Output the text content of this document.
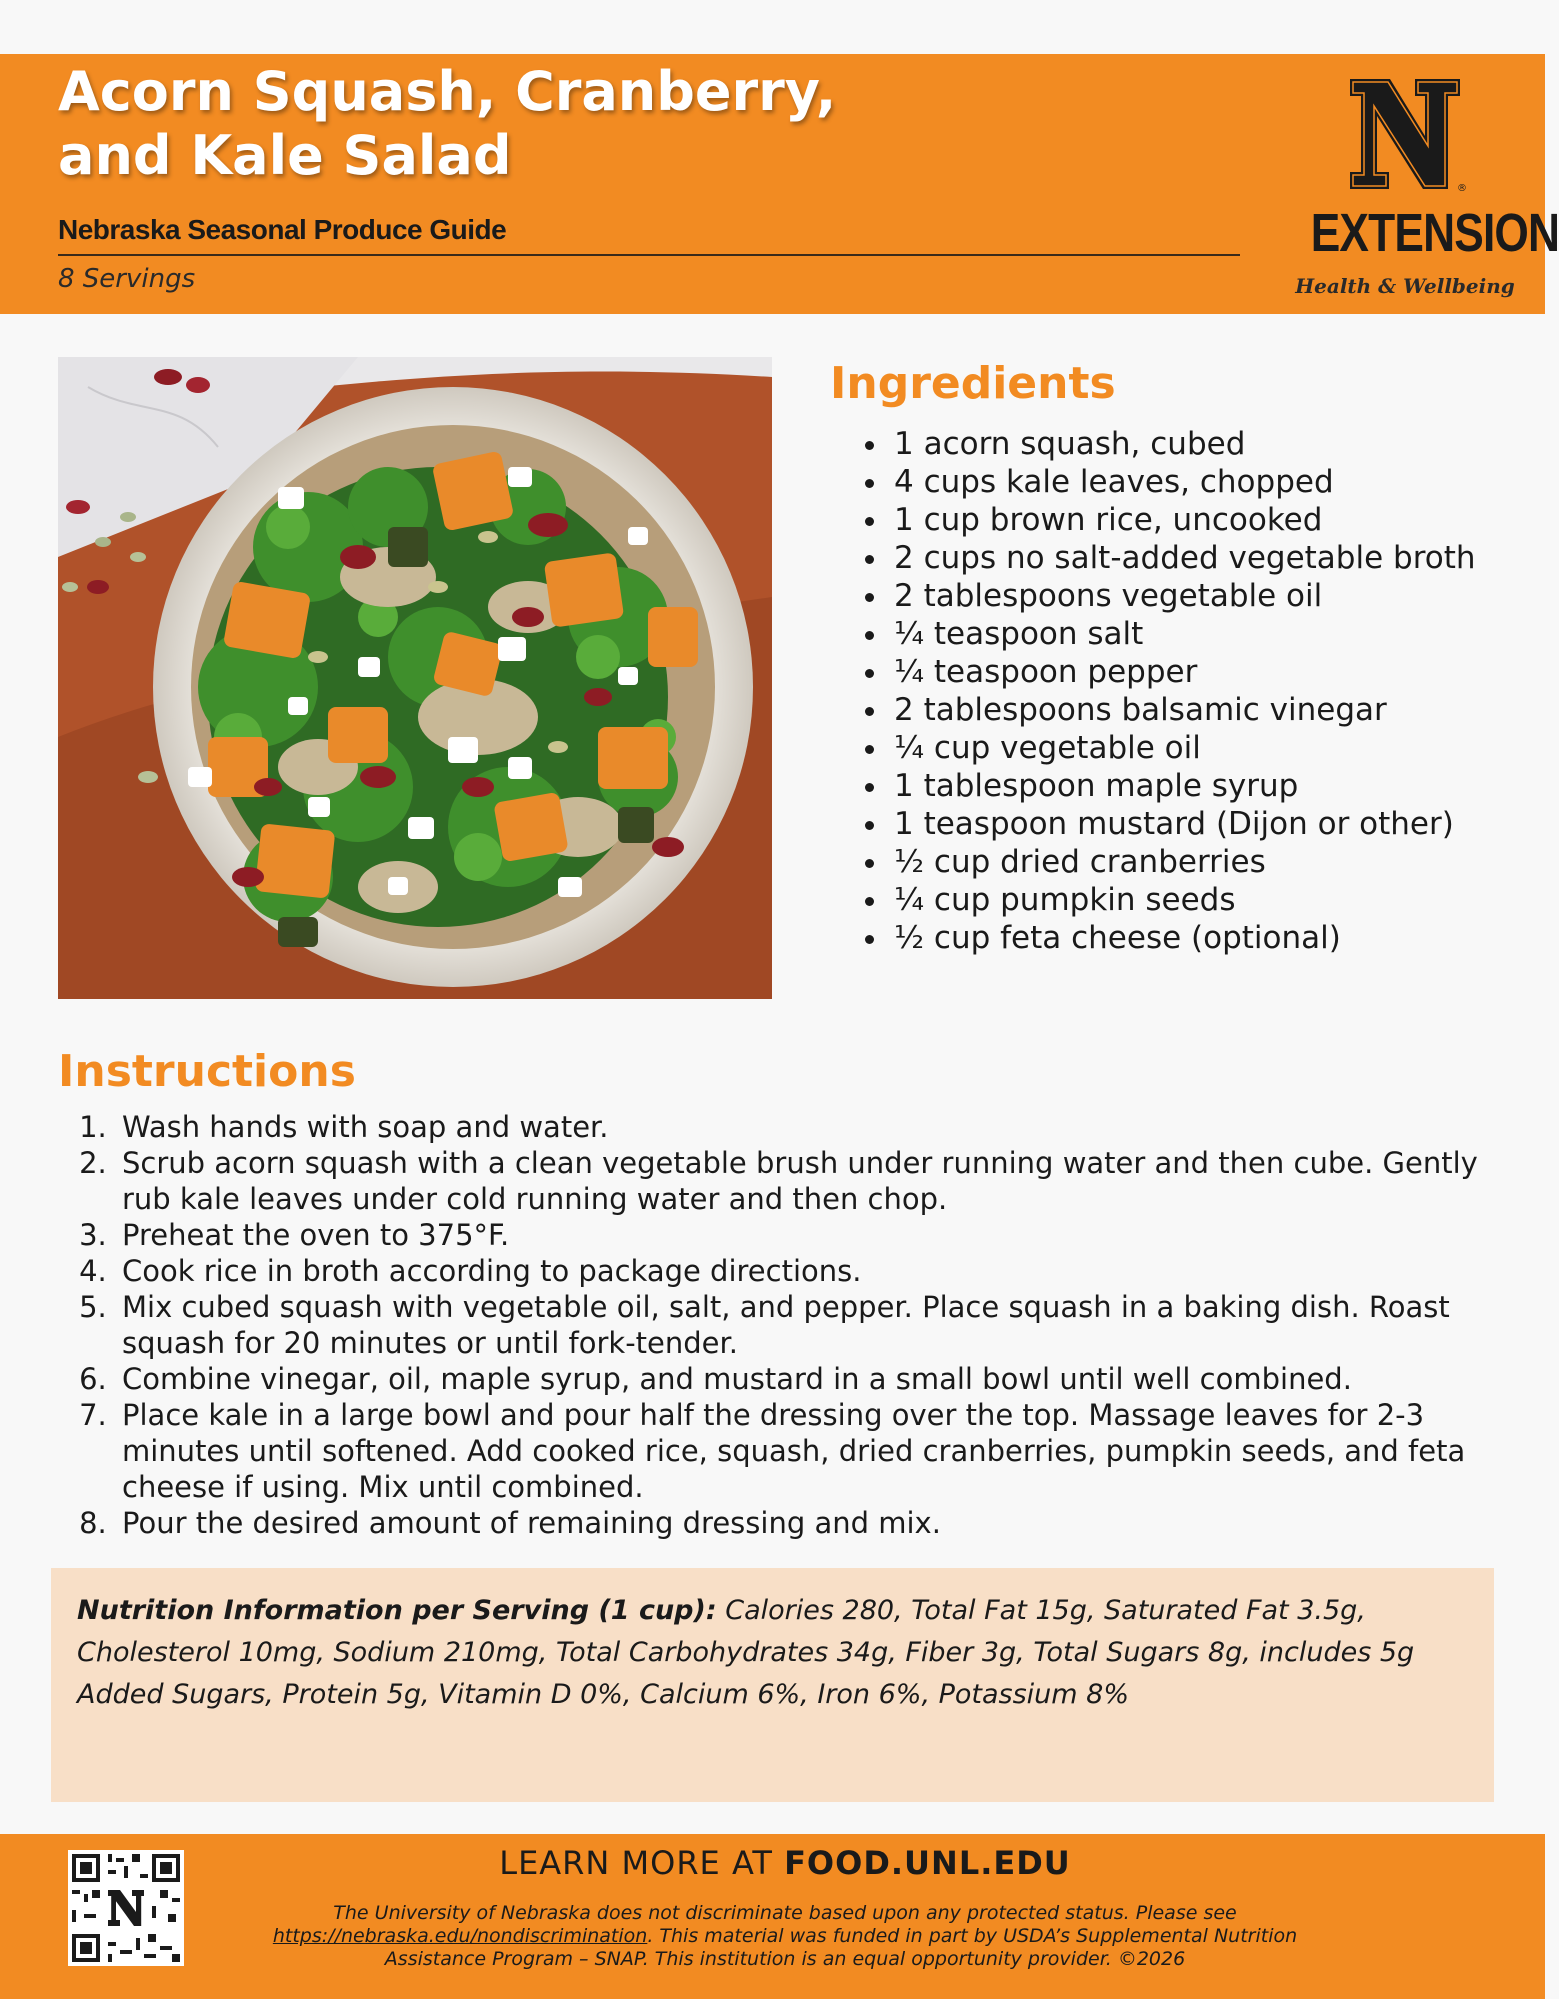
Acorn Squash, Cranberry,
and Kale Salad
Nebraska Seasonal Produce Guide
8 Servings
®
EXTENSION
Health & Wellbeing
Ingredients
• 1 acorn squash, cubed
• 4 cups kale leaves, chopped
• 1 cup brown rice, uncooked
• 2 cups no salt-added vegetable broth
• 2 tablespoons vegetable oil
• ¼ teaspoon salt
• ¼ teaspoon pepper
• 2 tablespoons balsamic vinegar
• ¼ cup vegetable oil
• 1 tablespoon maple syrup
• 1 teaspoon mustard (Dijon or other)
• ½ cup dried cranberries
• ¼ cup pumpkin seeds
• ½ cup feta cheese (optional)
Instructions
1. Wash hands with soap and water.
2. Scrub acorn squash with a clean vegetable brush under running water and then cube. Gently rub kale leaves under cold running water and then chop.
3. Preheat the oven to 375°F.
4. Cook rice in broth according to package directions.
5. Mix cubed squash with vegetable oil, salt, and pepper. Place squash in a baking dish. Roast squash for 20 minutes or until fork-tender.
6. Combine vinegar, oil, maple syrup, and mustard in a small bowl until well combined.
7. Place kale in a large bowl and pour half the dressing over the top. Massage leaves for 2-3 minutes until softened. Add cooked rice, squash, dried cranberries, pumpkin seeds, and feta cheese if using. Mix until combined.
8. Pour the desired amount of remaining dressing and mix.
Nutrition Information per Serving (1 cup): Calories 280, Total Fat 15g, Saturated Fat 3.5g, Cholesterol 10mg, Sodium 210mg, Total Carbohydrates 34g, Fiber 3g, Total Sugars 8g, includes 5g Added Sugars, Protein 5g, Vitamin D 0%, Calcium 6%, Iron 6%, Potassium 8%
LEARN MORE AT FOOD.UNL.EDU
The University of Nebraska does not discriminate based upon any protected status. Please see https://nebraska.edu/nondiscrimination. This material was funded in part by USDA’s Supplemental Nutrition Assistance Program – SNAP. This institution is an equal opportunity provider. ©2026
